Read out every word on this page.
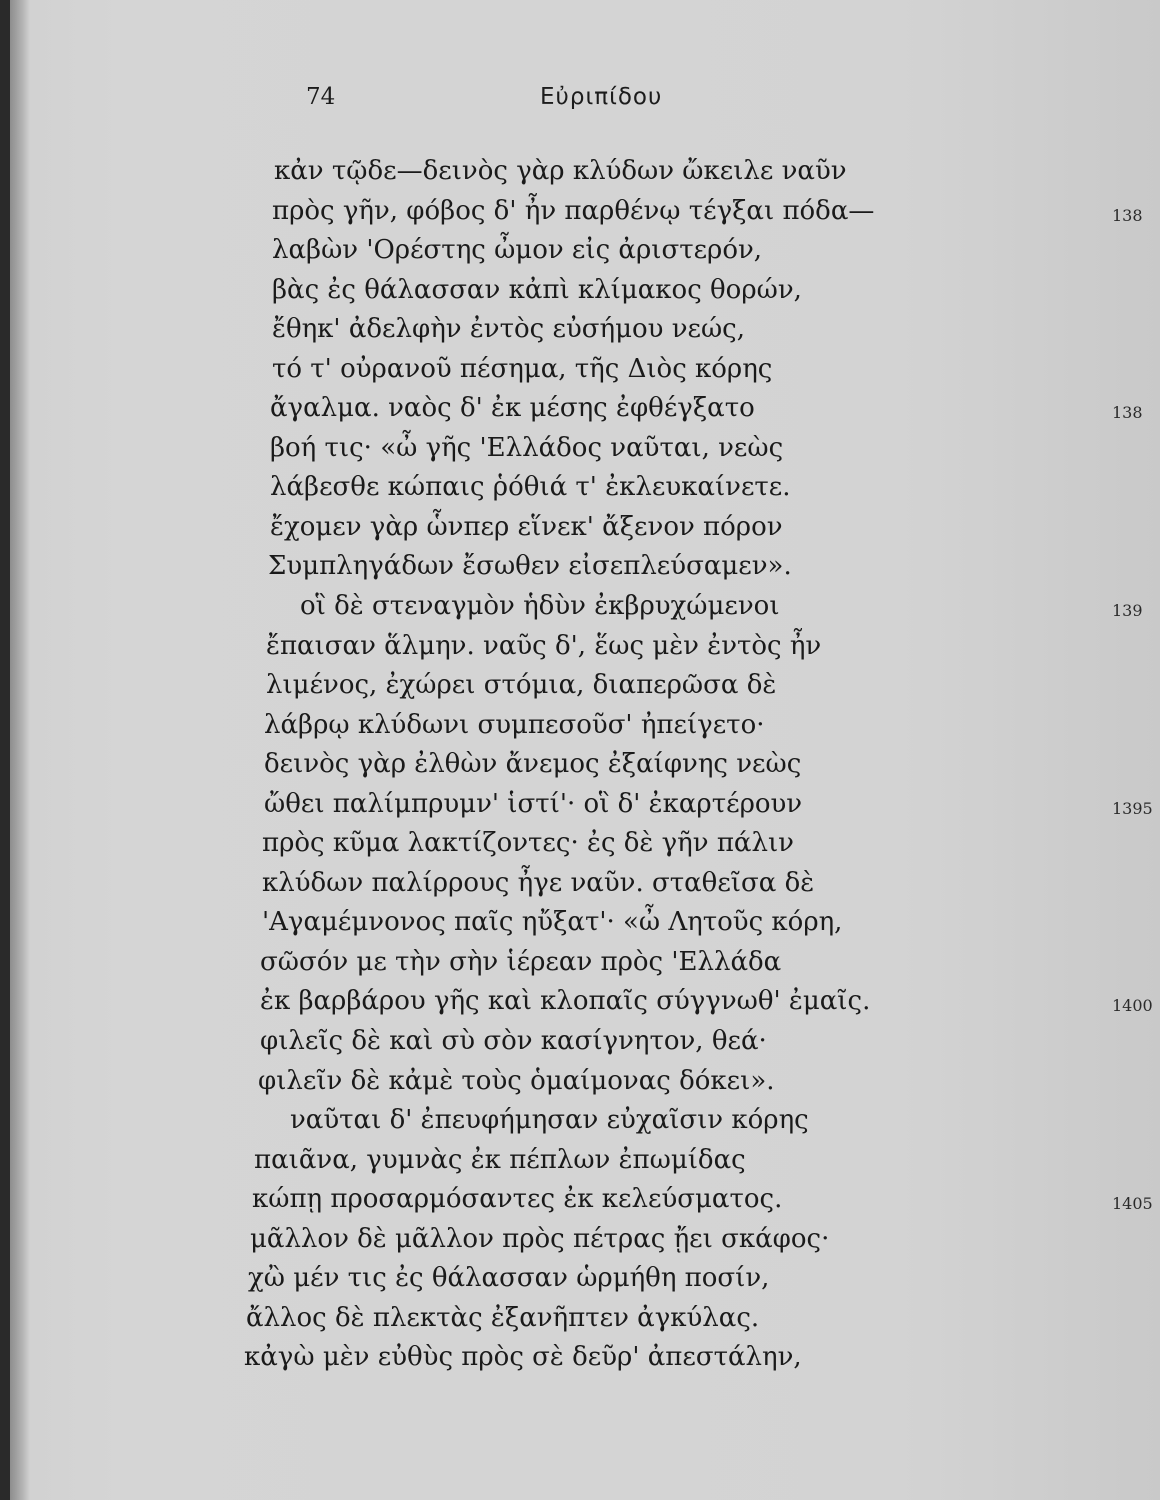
74	Εὐριπίδου
κἀν τῷδε—δεινὸς γὰρ κλύδων ὤκειλε ναῦν
πρὸς γῆν, φόβος δ' ἦν παρθένῳ τέγξαι πόδα—	138
λαβὼν 'Ορέστης ὦμον εἰς ἀριστερόν,
βὰς ἐς θάλασσαν κἀπὶ κλίμακος θορών,
ἔθηκ' ἀδελφὴν ἐντὸς εὐσήμου νεώς,
τό τ' οὐρανοῦ πέσημα, τῆς Διὸς κόρης
ἄγαλμα. ναὸς δ' ἐκ μέσης ἐφθέγξατο	138
βοή τις· «ὦ γῆς 'Ελλάδος ναῦται, νεὼς
λάβεσθε κώπαις ῥόθιά τ' ἐκλευκαίνετε.
ἔχομεν γὰρ ὧνπερ εἵνεκ' ἄξενον πόρον
Συμπληγάδων ἔσωθεν εἰσεπλεύσαμεν».
οἳ δὲ στεναγμὸν ἡδὺν ἐκβρυχώμενοι	139
ἔπαισαν ἅλμην. ναῦς δ', ἕως μὲν ἐντὸς ἦν
λιμένος, ἐχώρει στόμια, διαπερῶσα δὲ
λάβρῳ κλύδωνι συμπεσοῦσ' ἠπείγετο·
δεινὸς γὰρ ἐλθὼν ἄνεμος ἐξαίφνης νεὼς
ὤθει παλίμπρυμν' ἱστί'· οἳ δ' ἐκαρτέρουν	1395
πρὸς κῦμα λακτίζοντες· ἐς δὲ γῆν πάλιν
κλύδων παλίρρους ἦγε ναῦν. σταθεῖσα δὲ
'Αγαμέμνονος παῖς ηὔξατ'· «ὦ Λητοῦς κόρη,
σῶσόν με τὴν σὴν ἱέρεαν πρὸς 'Ελλάδα
ἐκ βαρβάρου γῆς καὶ κλοπαῖς σύγγνωθ' ἐμαῖς.	1400
φιλεῖς δὲ καὶ σὺ σὸν κασίγνητον, θεά·
φιλεῖν δὲ κἀμὲ τοὺς ὁμαίμονας δόκει».
ναῦται δ' ἐπευφήμησαν εὐχαῖσιν κόρης
παιᾶνα, γυμνὰς ἐκ πέπλων ἐπωμίδας
κώπῃ προσαρμόσαντες ἐκ κελεύσματος.	1405
μᾶλλον δὲ μᾶλλον πρὸς πέτρας ᾔει σκάφος·
χὢ μέν τις ἐς θάλασσαν ὡρμήθη ποσίν,
ἄλλος δὲ πλεκτὰς ἐξανῆπτεν ἀγκύλας.
κἀγὼ μὲν εὐθὺς πρὸς σὲ δεῦρ' ἀπεστάλην,
